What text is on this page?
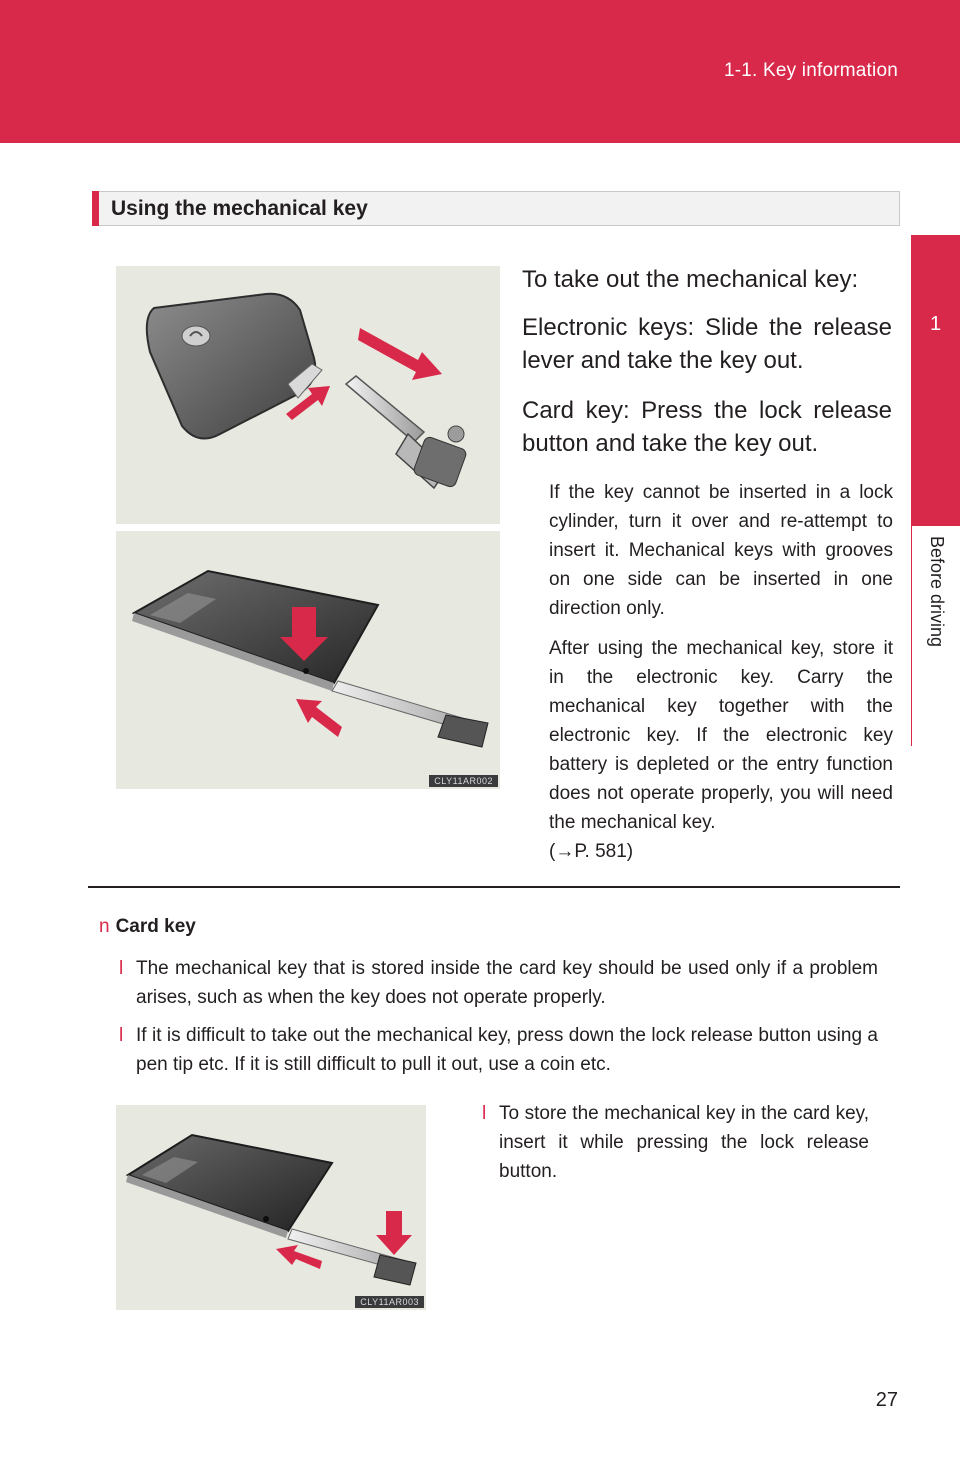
1-1. Key information
1
Before driving
Using the mechanical key
CLY11AR002
To take out the mechanical key:
Electronic keys: Slide the release lever and take the key out.
Card key: Press the lock release button and take the key out.
If the key cannot be inserted in a lock cylinder, turn it over and re-attempt to insert it. Mechanical keys with grooves on one side can be inserted in one direction only.
After using the mechanical key, store it in the electronic key. Carry the mechanical key together with the electronic key. If the electronic key battery is depleted or the entry function does not operate properly, you will need the mechanical key.
(→P. 581)
n Card key
l The mechanical key that is stored inside the card key should be used only if a problem arises, such as when the key does not operate properly.
l If it is difficult to take out the mechanical key, press down the lock release button using a pen tip etc. If it is still difficult to pull it out, use a coin etc.
CLY11AR003
l To store the mechanical key in the card key, insert it while pressing the lock release button.
27
